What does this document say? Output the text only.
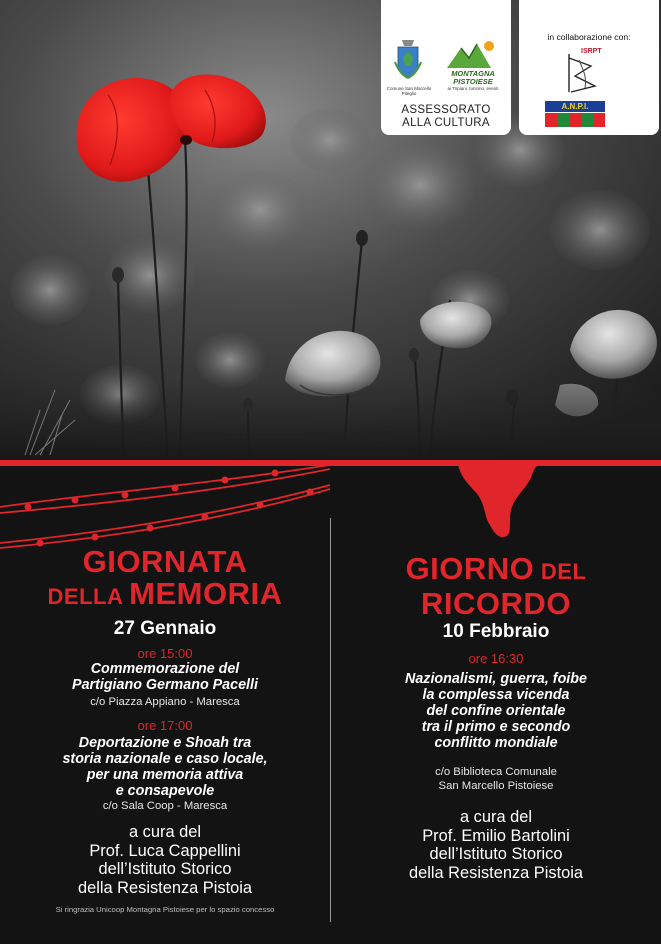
Comune San Marcello Piteglio
MONTAGNA
PISTOIESE
ai Tripiani, turismo, eventi
ASSESSORATO
ALLA CULTURA
in collaborazione con:
ISRPT
A.N.P.I.
GIORNATA
DELLA MEMORIA
27 Gennaio
ore 15:00
Commemorazione del
Partigiano Germano Pacelli
c/o Piazza Appiano - Maresca
ore 17:00
Deportazione e Shoah tra
storia nazionale e caso locale,
per una memoria attiva
e consapevole
c/o Sala Coop - Maresca
a cura del
Prof. Luca Cappellini
dell’Istituto Storico
della Resistenza Pistoia
Si ringrazia Unicoop Montagna Pistoiese per lo spazio concesso
GIORNO DEL
RICORDO
10 Febbraio
ore 16:30
Nazionalismi, guerra, foibe
la complessa vicenda
del confine orientale
tra il primo e secondo
conflitto mondiale
c/o Biblioteca Comunale
San Marcello Pistoiese
a cura del
Prof. Emilio Bartolini
dell’Istituto Storico
della Resistenza Pistoia
